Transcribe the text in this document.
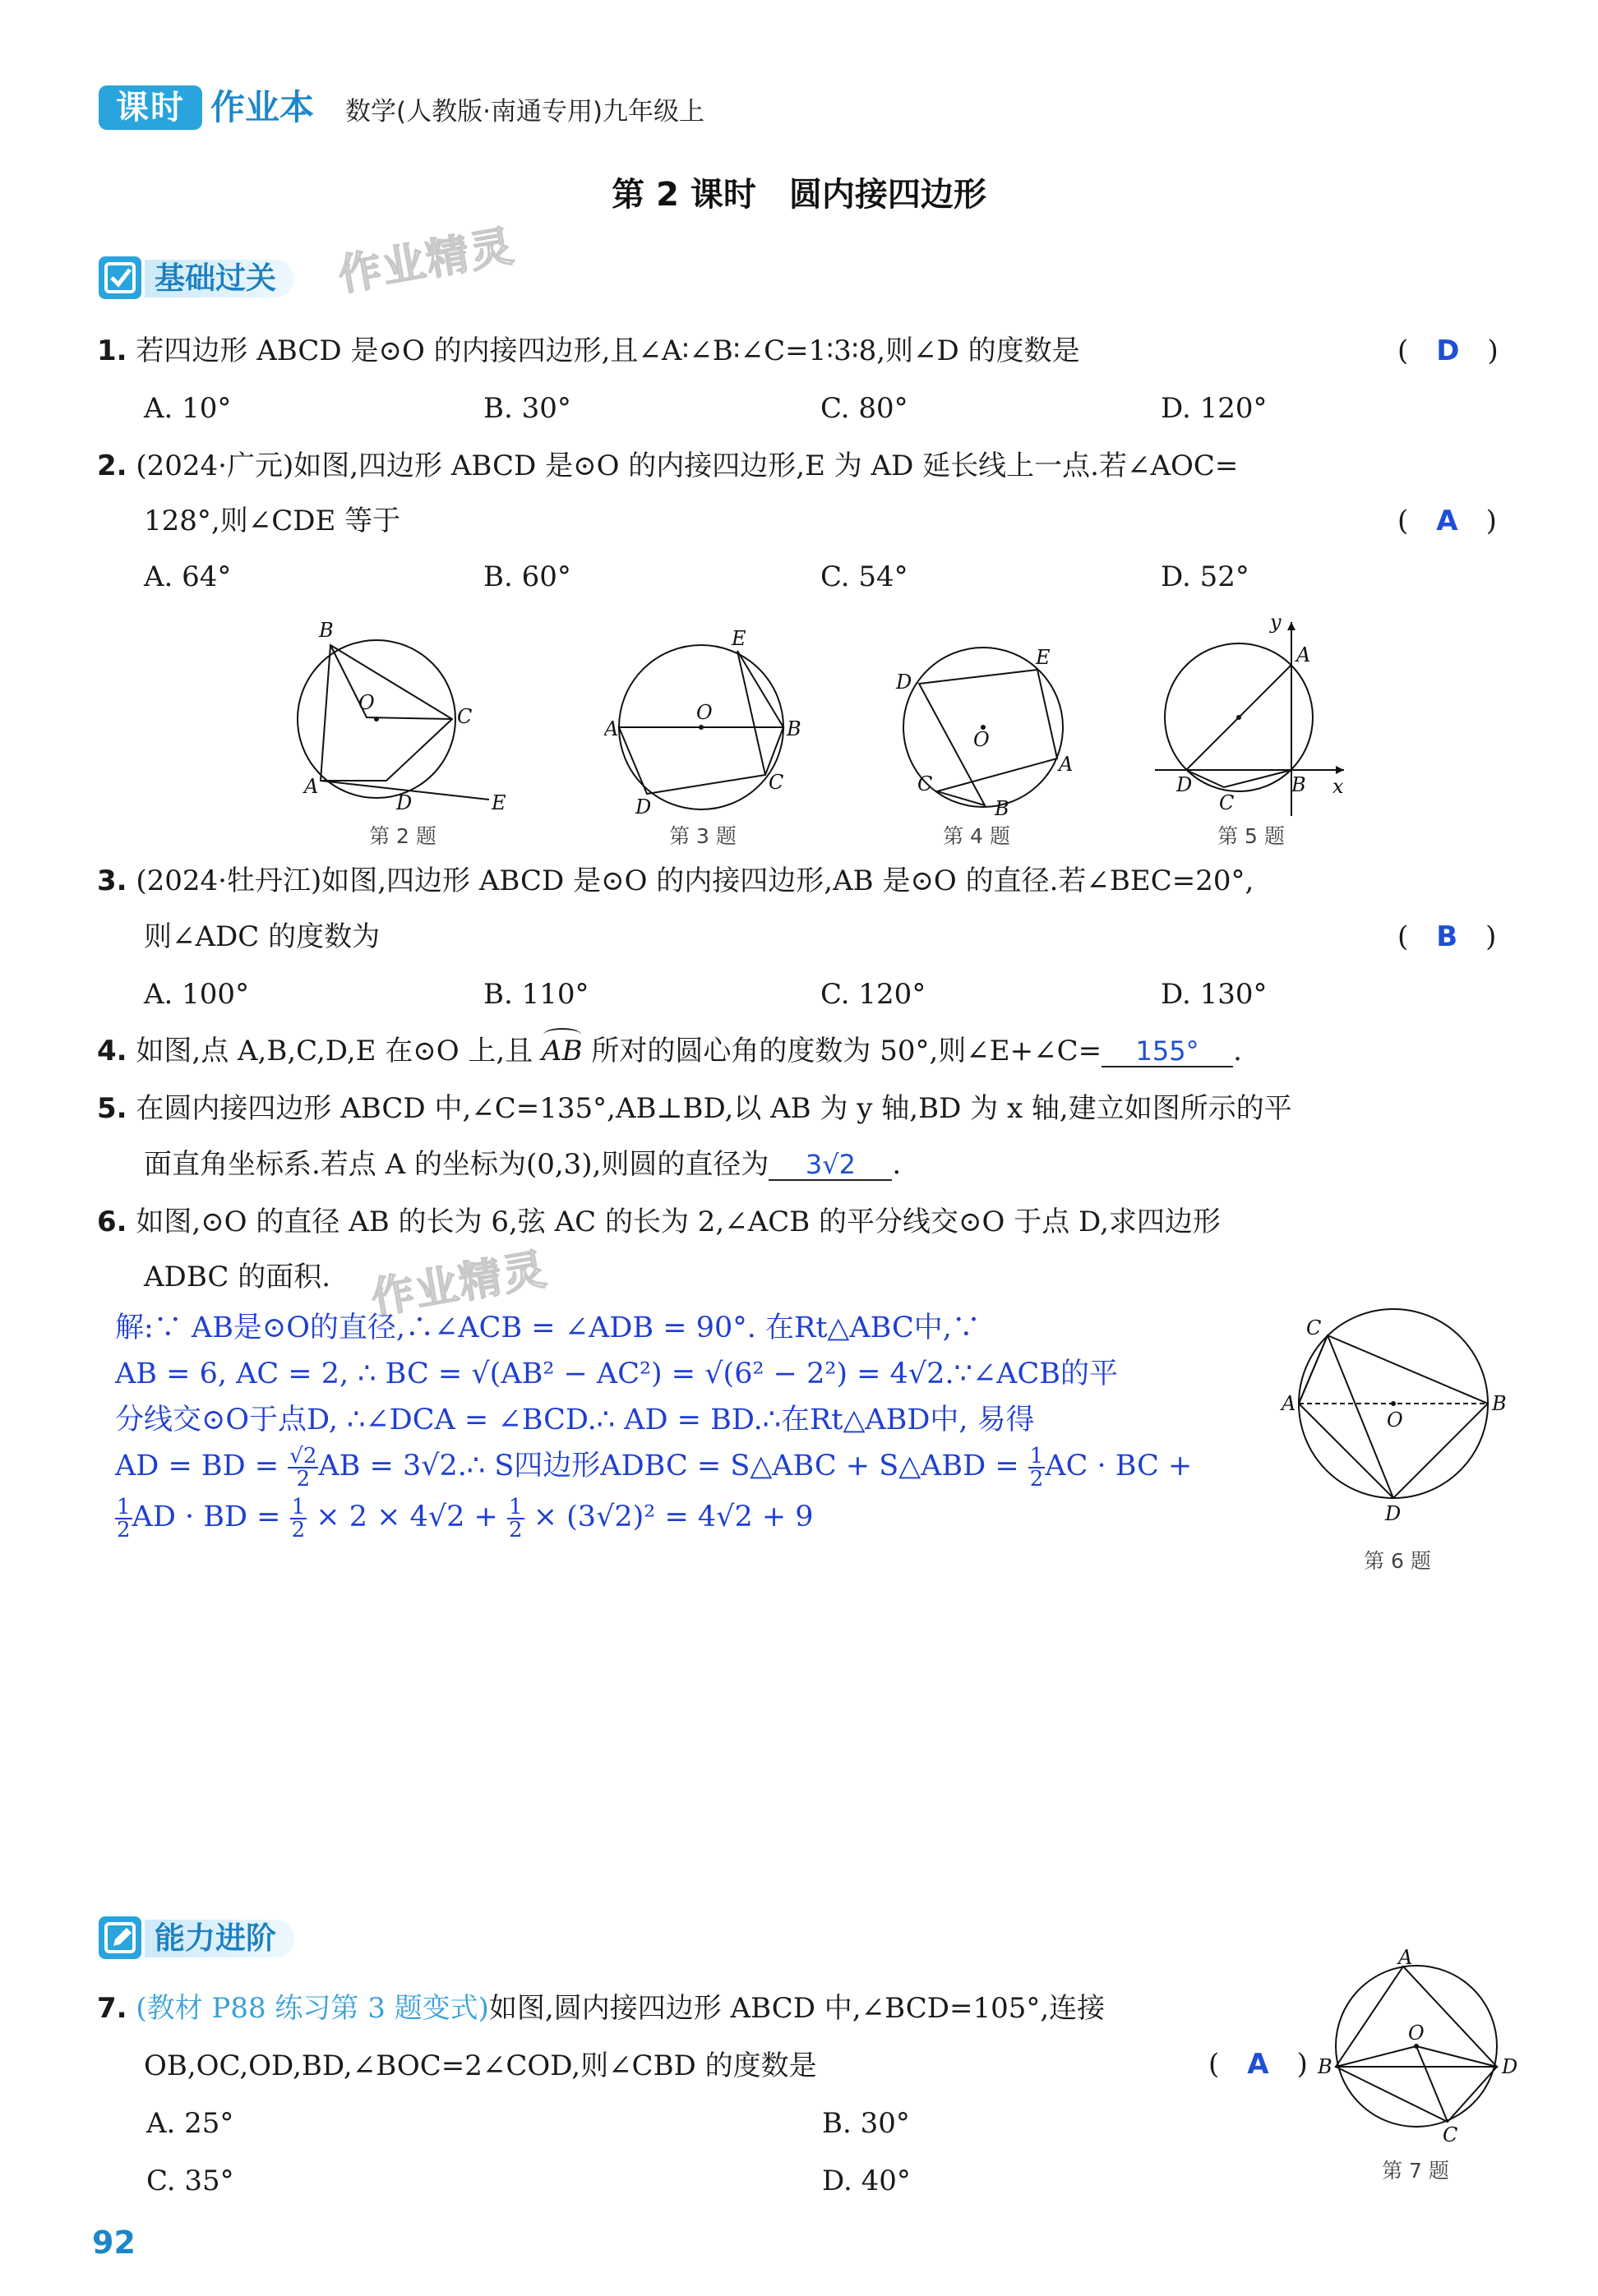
课时 作业本 数学(人教版·南通专用)九年级上
第 2 课时　圆内接四边形
基础过关	作业精灵
1. 若四边形 ABCD 是⊙O 的内接四边形,且∠A∶∠B∶∠C=1∶3∶8,则∠D 的度数是	(　D　)
A. 10°	B. 30°	C. 80°	D. 120°
2. (2024·广元)如图,四边形 ABCD 是⊙O 的内接四边形,E 为 AD 延长线上一点.若∠AOC=
128°,则∠CDE 等于	(　A　)
A. 64°	B. 60°	C. 54°	D. 52°
B
O
C
A
D	E
第 2 题
E
A
O
B
C
D
第 3 题
E
D
O
A
C
B
第 4 题
y
A
D
C
B x
第 5 题
3. (2024·牡丹江)如图,四边形 ABCD 是⊙O 的内接四边形,AB 是⊙O 的直径.若∠BEC=20°,
则∠ADC 的度数为	(　B　)
A. 100°	B. 110°	C. 120°	D. 130°
4. 如图,点 A,B,C,D,E 在⊙O 上,且
AB 所对的圆心角的度数为 50°,则∠E+∠C= 155° .
5. 在圆内接四边形 ABCD 中,∠C=135°,AB⊥BD,以 AB 为 y 轴,BD 为 x 轴,建立如图所示的平
面直角坐标系.若点 A 的坐标为(0,3),则圆的直径为 3√2 .
6. 如图,⊙O 的直径 AB 的长为 6,弦 AC 的长为 2,∠ACB 的平分线交⊙O 于点 D,求四边形
ADBC 的面积. 作业精灵
解:∵ AB是⊙O的直径,∴∠ACB = ∠ADB = 90°. 在Rt△ABC中,∵
AB = 6, AC = 2, ∴ BC = √(AB² − AC²) = √(6² − 2²) = 4√2.∵∠ACB的平
分线交⊙O于点D, ∴∠DCA = ∠BCD.∴ AD = BD.∴在Rt△ABD中, 易得
AD = BD = $\frac{√2}{2}$ AB = 3√2.∴ S四边形ADBC = S△ABC + S△ABD = $\frac{1}{2}$ AC · BC +
$\frac{1}{2}$ AD · BD = $\frac{1}{2} \times 2 \times 4√2 + \frac{1}{2} \times (3√2)^2 = 4√2 + 9$
C
A
O
B
D
第 6 题
能力进阶
7. (教材 P88 练习第 3 题变式)如图,圆内接四边形 ABCD 中,∠BCD=105°,连接
OB,OC,OD,BD,∠BOC=2∠COD,则∠CBD 的度数是	(　A　)
A. 25°	B. 30°
C. 35°	D. 40°
A
O
B	D
C
第 7 题
92
